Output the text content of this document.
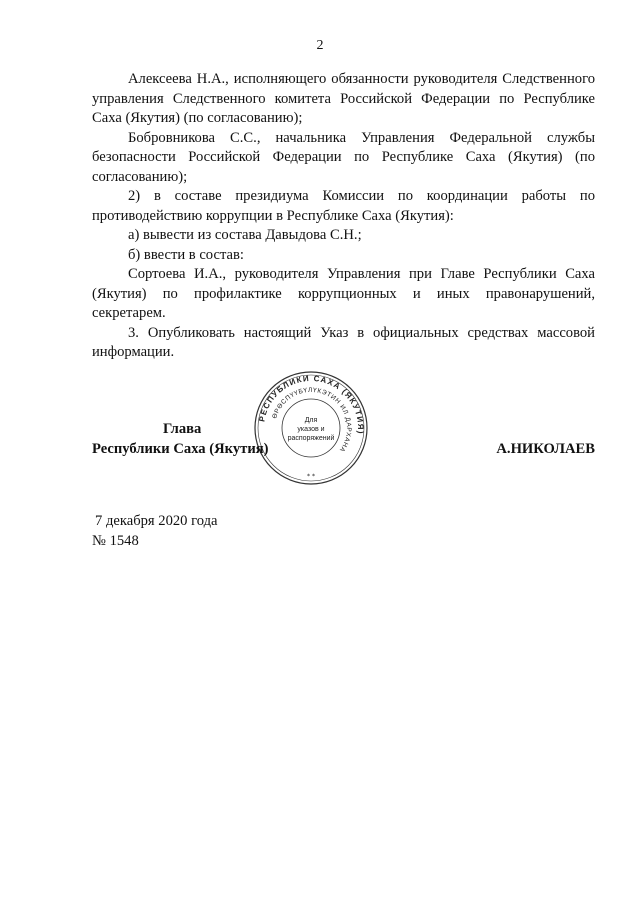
2

Алексеева Н.А., исполняющего обязанности руководителя Следственного управления Следственного комитета Российской Федерации по Республике Саха (Якутия) (по согласованию);

Бобровникова С.С., начальника Управления Федеральной службы безопасности Российской Федерации по Республике Саха (Якутия) (по согласованию);

2) в составе президиума Комиссии по координации работы по противодействию коррупции в Республике Саха (Якутия):

а) вывести из состава Давыдова С.Н.;

б) ввести в состав:

Сортоева И.А., руководителя Управления при Главе Республики Саха (Якутия) по профилактике коррупционных и иных правонарушений, секретарем.

3. Опубликовать настоящий Указ в официальных средствах массовой информации.

РЕСПУБЛИКИ САХА (ЯКУТИЯ)
ӨРӨСПҮҮБҮЛҮКЭТИН ИЛ ДАРХАНА
Для
указов и
распоряжений
* *
Глава
Республики Саха (Якутия)	А.НИКОЛАЕВ
7 декабря 2020 года
№ 1548
